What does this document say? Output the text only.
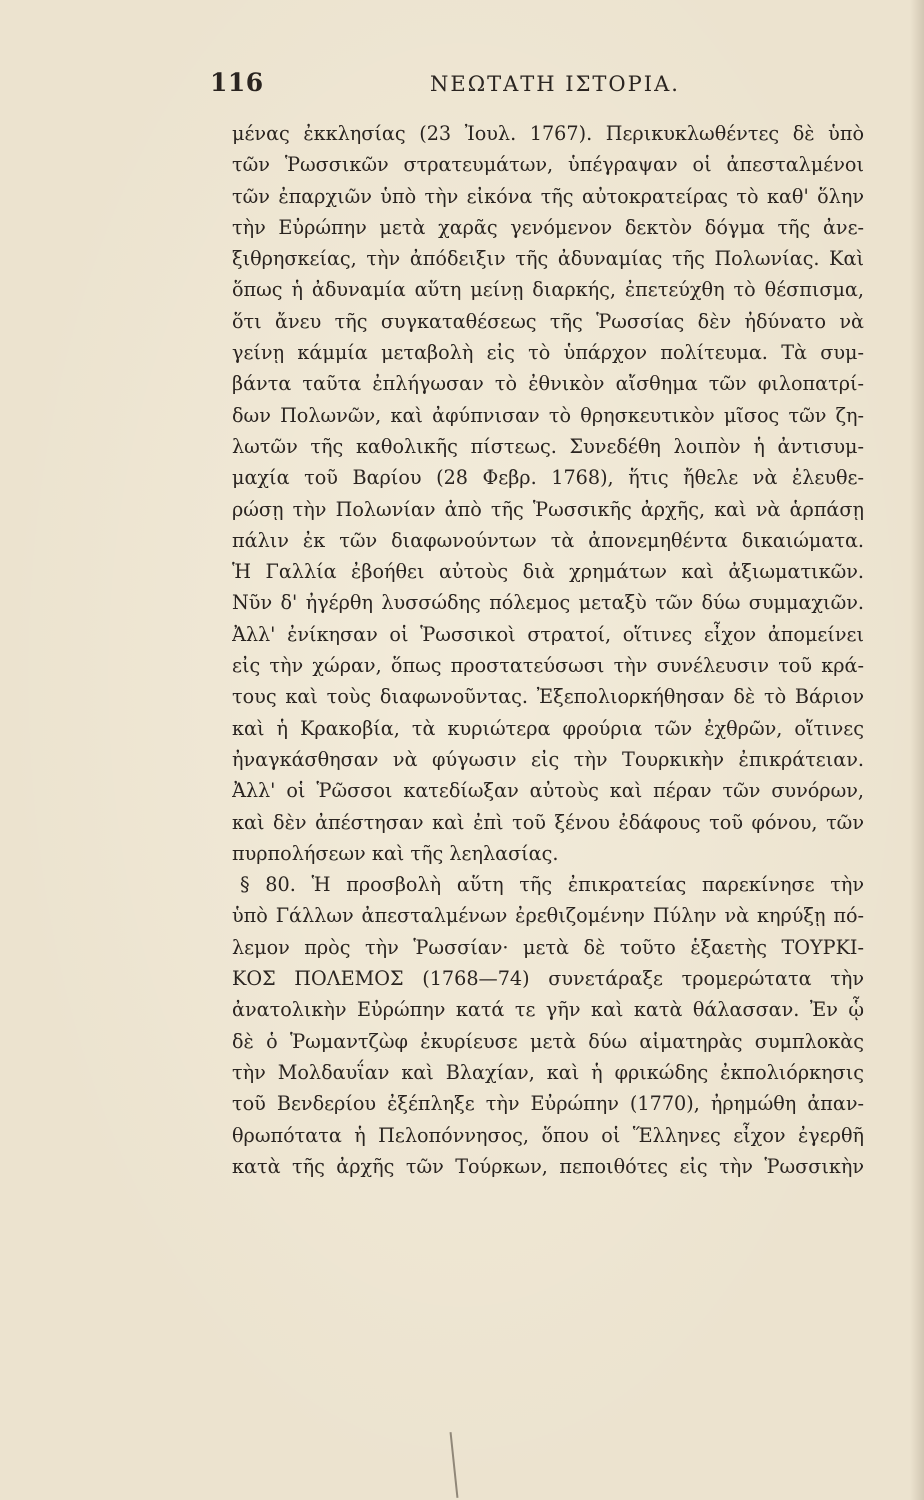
116	ΝΕΩΤΑΤΗ ΙΣΤΟΡΙΑ.
μένας ἐκκλησίας (23 Ἰουλ. 1767). Περικυκλωθέντες δὲ ὑπὸ
τῶν Ῥωσσικῶν στρατευμάτων, ὑπέγραψαν οἱ ἀπεσταλμένοι
τῶν ἐπαρχιῶν ὑπὸ τὴν εἰκόνα τῆς αὐτοκρατείρας τὸ καθ' ὅλην
τὴν Εὐρώπην μετὰ χαρᾶς γενόμενον δεκτὸν δόγμα τῆς ἀνε-
ξιθρησκείας, τὴν ἀπόδειξιν τῆς ἀδυναμίας τῆς Πολωνίας. Καὶ
ὅπως ἡ ἀδυναμία αὕτη μείνῃ διαρκής, ἐπετεύχθη τὸ θέσπισμα,
ὅτι ἄνευ τῆς συγκαταθέσεως τῆς Ῥωσσίας δὲν ἠδύνατο νὰ
γείνῃ κάμμία μεταβολὴ εἰς τὸ ὑπάρχον πολίτευμα. Τὰ συμ-
βάντα ταῦτα ἐπλήγωσαν τὸ ἐθνικὸν αἴσθημα τῶν φιλοπατρί-
δων Πολωνῶν, καὶ ἀφύπνισαν τὸ θρησκευτικὸν μῖσος τῶν ζη-
λωτῶν τῆς καθολικῆς πίστεως. Συνεδέθη λοιπὸν ἡ ἀντισυμ-
μαχία τοῦ Βαρίου (28 Φεβρ. 1768), ἥτις ἤθελε νὰ ἐλευθε-
ρώσῃ τὴν Πολωνίαν ἀπὸ τῆς Ῥωσσικῆς ἀρχῆς, καὶ νὰ ἁρπάσῃ
πάλιν ἐκ τῶν διαφωνούντων τὰ ἀπονεμηθέντα δικαιώματα.
Ἡ Γαλλία ἐβοήθει αὐτοὺς διὰ χρημάτων καὶ ἀξιωματικῶν.
Νῦν δ' ἠγέρθη λυσσώδης πόλεμος μεταξὺ τῶν δύω συμμαχιῶν.
Ἀλλ' ἐνίκησαν οἱ Ῥωσσικοὶ στρατοί, οἵτινες εἶχον ἀπομείνει
εἰς τὴν χώραν, ὅπως προστατεύσωσι τὴν συνέλευσιν τοῦ κρά-
τους καὶ τοὺς διαφωνοῦντας. Ἐξεπολιορκήθησαν δὲ τὸ Βάριον
καὶ ἡ Κρακοβία, τὰ κυριώτερα φρούρια τῶν ἐχθρῶν, οἵτινες
ἠναγκάσθησαν νὰ φύγωσιν εἰς τὴν Τουρκικὴν ἐπικράτειαν.
Ἀλλ' οἱ Ῥῶσσοι κατεδίωξαν αὐτοὺς καὶ πέραν τῶν συνόρων,
καὶ δὲν ἀπέστησαν καὶ ἐπὶ τοῦ ξένου ἐδάφους τοῦ φόνου, τῶν
πυρπολήσεων καὶ τῆς λεηλασίας.
§ 80. Ἡ προσβολὴ αὕτη τῆς ἐπικρατείας παρεκίνησε τὴν
ὑπὸ Γάλλων ἀπεσταλμένων ἐρεθιζομένην Πύλην νὰ κηρύξῃ πό-
λεμον πρὸς τὴν Ῥωσσίαν· μετὰ δὲ τοῦτο ἑξαετὴς ΤΟΥΡΚΙ-
ΚΟΣ ΠΟΛΕΜΟΣ (1768—74) συνετάραξε τρομερώτατα τὴν
ἀνατολικὴν Εὐρώπην κατά τε γῆν καὶ κατὰ θάλασσαν. Ἐν ᾧ
δὲ ὁ Ῥωμαντζὼφ ἐκυρίευσε μετὰ δύω αἱματηρὰς συμπλοκὰς
τὴν Μολδαυΐαν καὶ Βλαχίαν, καὶ ἡ φρικώδης ἐκπολιόρκησις
τοῦ Βενδερίου ἐξέπληξε τὴν Εὐρώπην (1770), ἠρημώθη ἀπαν-
θρωπότατα ἡ Πελοπόννησος, ὅπου οἱ Ἕλληνες εἶχον ἐγερθῆ
κατὰ τῆς ἀρχῆς τῶν Τούρκων, πεποιθότες εἰς τὴν Ῥωσσικὴν
